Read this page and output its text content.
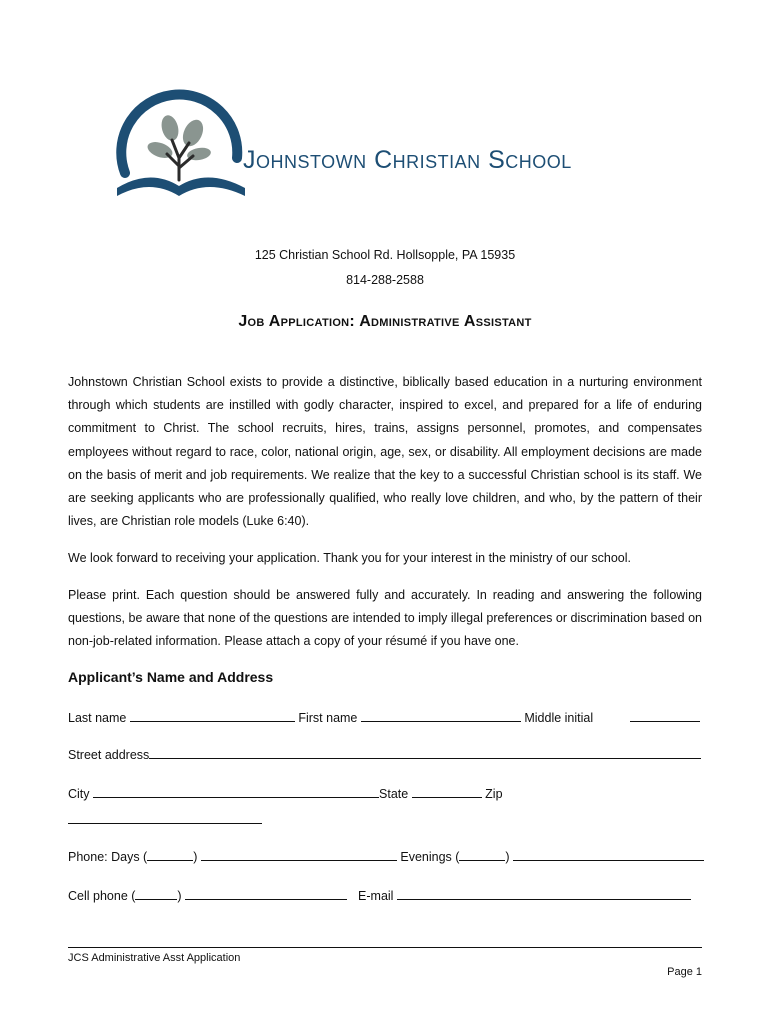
Johnstown Christian School
125 Christian School Rd. Hollsopple, PA 15935
814-288-2588
Job Application: Administrative Assistant
Johnstown Christian School exists to provide a distinctive, biblically based education in a nurturing environment through which students are instilled with godly character, inspired to excel, and prepared for a life of enduring commitment to Christ. The school recruits, hires, trains, assigns personnel, promotes, and compensates employees without regard to race, color, national origin, age, sex, or disability. All employment decisions are made on the basis of merit and job requirements. We realize that the key to a successful Christian school is its staff. We are seeking applicants who are professionally qualified, who really love children, and who, by the pattern of their lives, are Christian role models (Luke 6:40).
We look forward to receiving your application. Thank you for your interest in the ministry of our school.
Please print. Each question should be answered fully and accurately. In reading and answering the following questions, be aware that none of the questions are intended to imply illegal preferences or discrimination based on non-job-related information. Please attach a copy of your résumé if you have one.
Applicant’s Name and Address
Last name	First name	Middle initial
Street address
City	State	Zip
Phone: Days (	)	Evenings (	)
Cell phone (	)	E-mail
JCS Administrative Asst Application
Page 1
